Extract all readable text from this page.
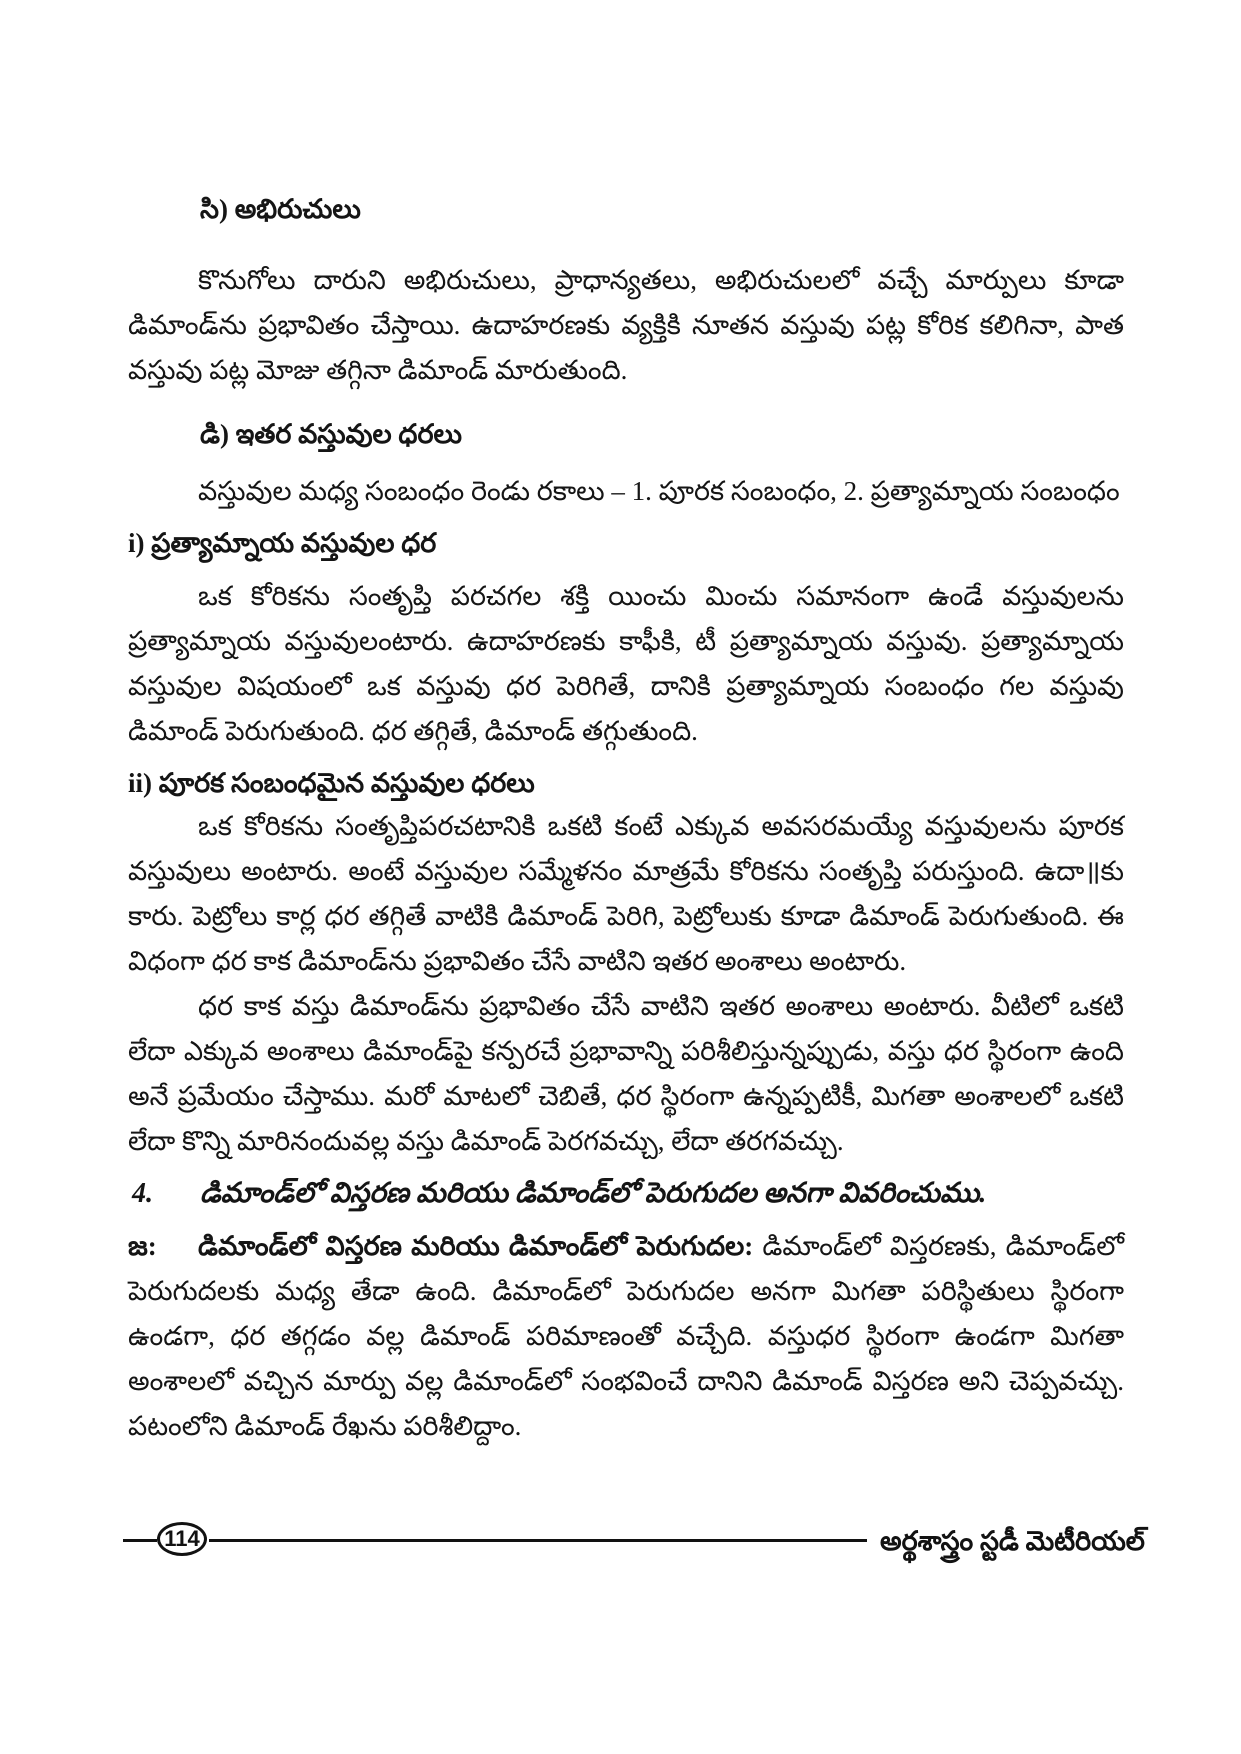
సి) అభిరుచులు

కొనుగోలు దారుని అభిరుచులు, ప్రాధాన్యతలు, అభిరుచులలో వచ్చే మార్పులు కూడా డిమాండ్‌ను ప్రభావితం చేస్తాయి. ఉదాహరణకు వ్యక్తికి నూతన వస్తువు పట్ల కోరిక కలిగినా, పాత వస్తువు పట్ల మోజు తగ్గినా డిమాండ్ మారుతుంది.

డి) ఇతర వస్తువుల ధరలు

వస్తువుల మధ్య సంబంధం రెండు రకాలు – 1. పూరక సంబంధం, 2. ప్రత్యామ్నాయ సంబంధం

i) ప్రత్యామ్నాయ వస్తువుల ధర

ఒక కోరికను సంతృప్తి పరచగల శక్తి యించు మించు సమానంగా ఉండే వస్తువులను ప్రత్యామ్నాయ వస్తువులంటారు. ఉదాహరణకు కాఫీకి, టీ ప్రత్యామ్నాయ వస్తువు. ప్రత్యామ్నాయ వస్తువుల విషయంలో ఒక వస్తువు ధర పెరిగితే, దానికి ప్రత్యామ్నాయ సంబంధం గల వస్తువు డిమాండ్ పెరుగుతుంది. ధర తగ్గితే, డిమాండ్ తగ్గుతుంది.

ii) పూరక సంబంధమైన వస్తువుల ధరలు

ఒక కోరికను సంతృప్తిపరచటానికి ఒకటి కంటే ఎక్కువ అవసరమయ్యే వస్తువులను పూరక వస్తువులు అంటారు. అంటే వస్తువుల సమ్మేళనం మాత్రమే కోరికను సంతృప్తి పరుస్తుంది. ఉదా॥కు కారు. పెట్రోలు కార్ల ధర తగ్గితే వాటికి డిమాండ్ పెరిగి, పెట్రోలుకు కూడా డిమాండ్ పెరుగుతుంది. ఈ విధంగా ధర కాక డిమాండ్‌ను ప్రభావితం చేసే వాటిని ఇతర అంశాలు అంటారు.

ధర కాక వస్తు డిమాండ్‌ను ప్రభావితం చేసే వాటిని ఇతర అంశాలు అంటారు. వీటిలో ఒకటి లేదా ఎక్కువ అంశాలు డిమాండ్‌పై కన్పరచే ప్రభావాన్ని పరిశీలిస్తున్నప్పుడు, వస్తు ధర స్థిరంగా ఉంది అనే ప్రమేయం చేస్తాము. మరో మాటలో చెబితే, ధర స్థిరంగా ఉన్నప్పటికీ, మిగతా అంశాలలో ఒకటి లేదా కొన్ని మారినందువల్ల వస్తు డిమాండ్ పెరగవచ్చు, లేదా తరగవచ్చు.

4.	డిమాండ్‌లో విస్తరణ మరియు డిమాండ్‌లో పెరుగుదల అనగా వివరించుము.

జ:	డిమాండ్‌లో విస్తరణ మరియు డిమాండ్‌లో పెరుగుదల: డిమాండ్‌లో విస్తరణకు, డిమాండ్‌లో పెరుగుదలకు మధ్య తేడా ఉంది. డిమాండ్‌లో పెరుగుదల అనగా మిగతా పరిస్థితులు స్థిరంగా ఉండగా, ధర తగ్గడం వల్ల డిమాండ్ పరిమాణంతో వచ్చేది. వస్తుధర స్థిరంగా ఉండగా మిగతా అంశాలలో వచ్చిన మార్పు వల్ల డిమాండ్‌లో సంభవించే దానిని డిమాండ్ విస్తరణ అని చెప్పవచ్చు. పటంలోని డిమాండ్ రేఖను పరిశీలిద్దాం.

114	అర్థశాస్త్రం స్టడీ మెటీరియల్
